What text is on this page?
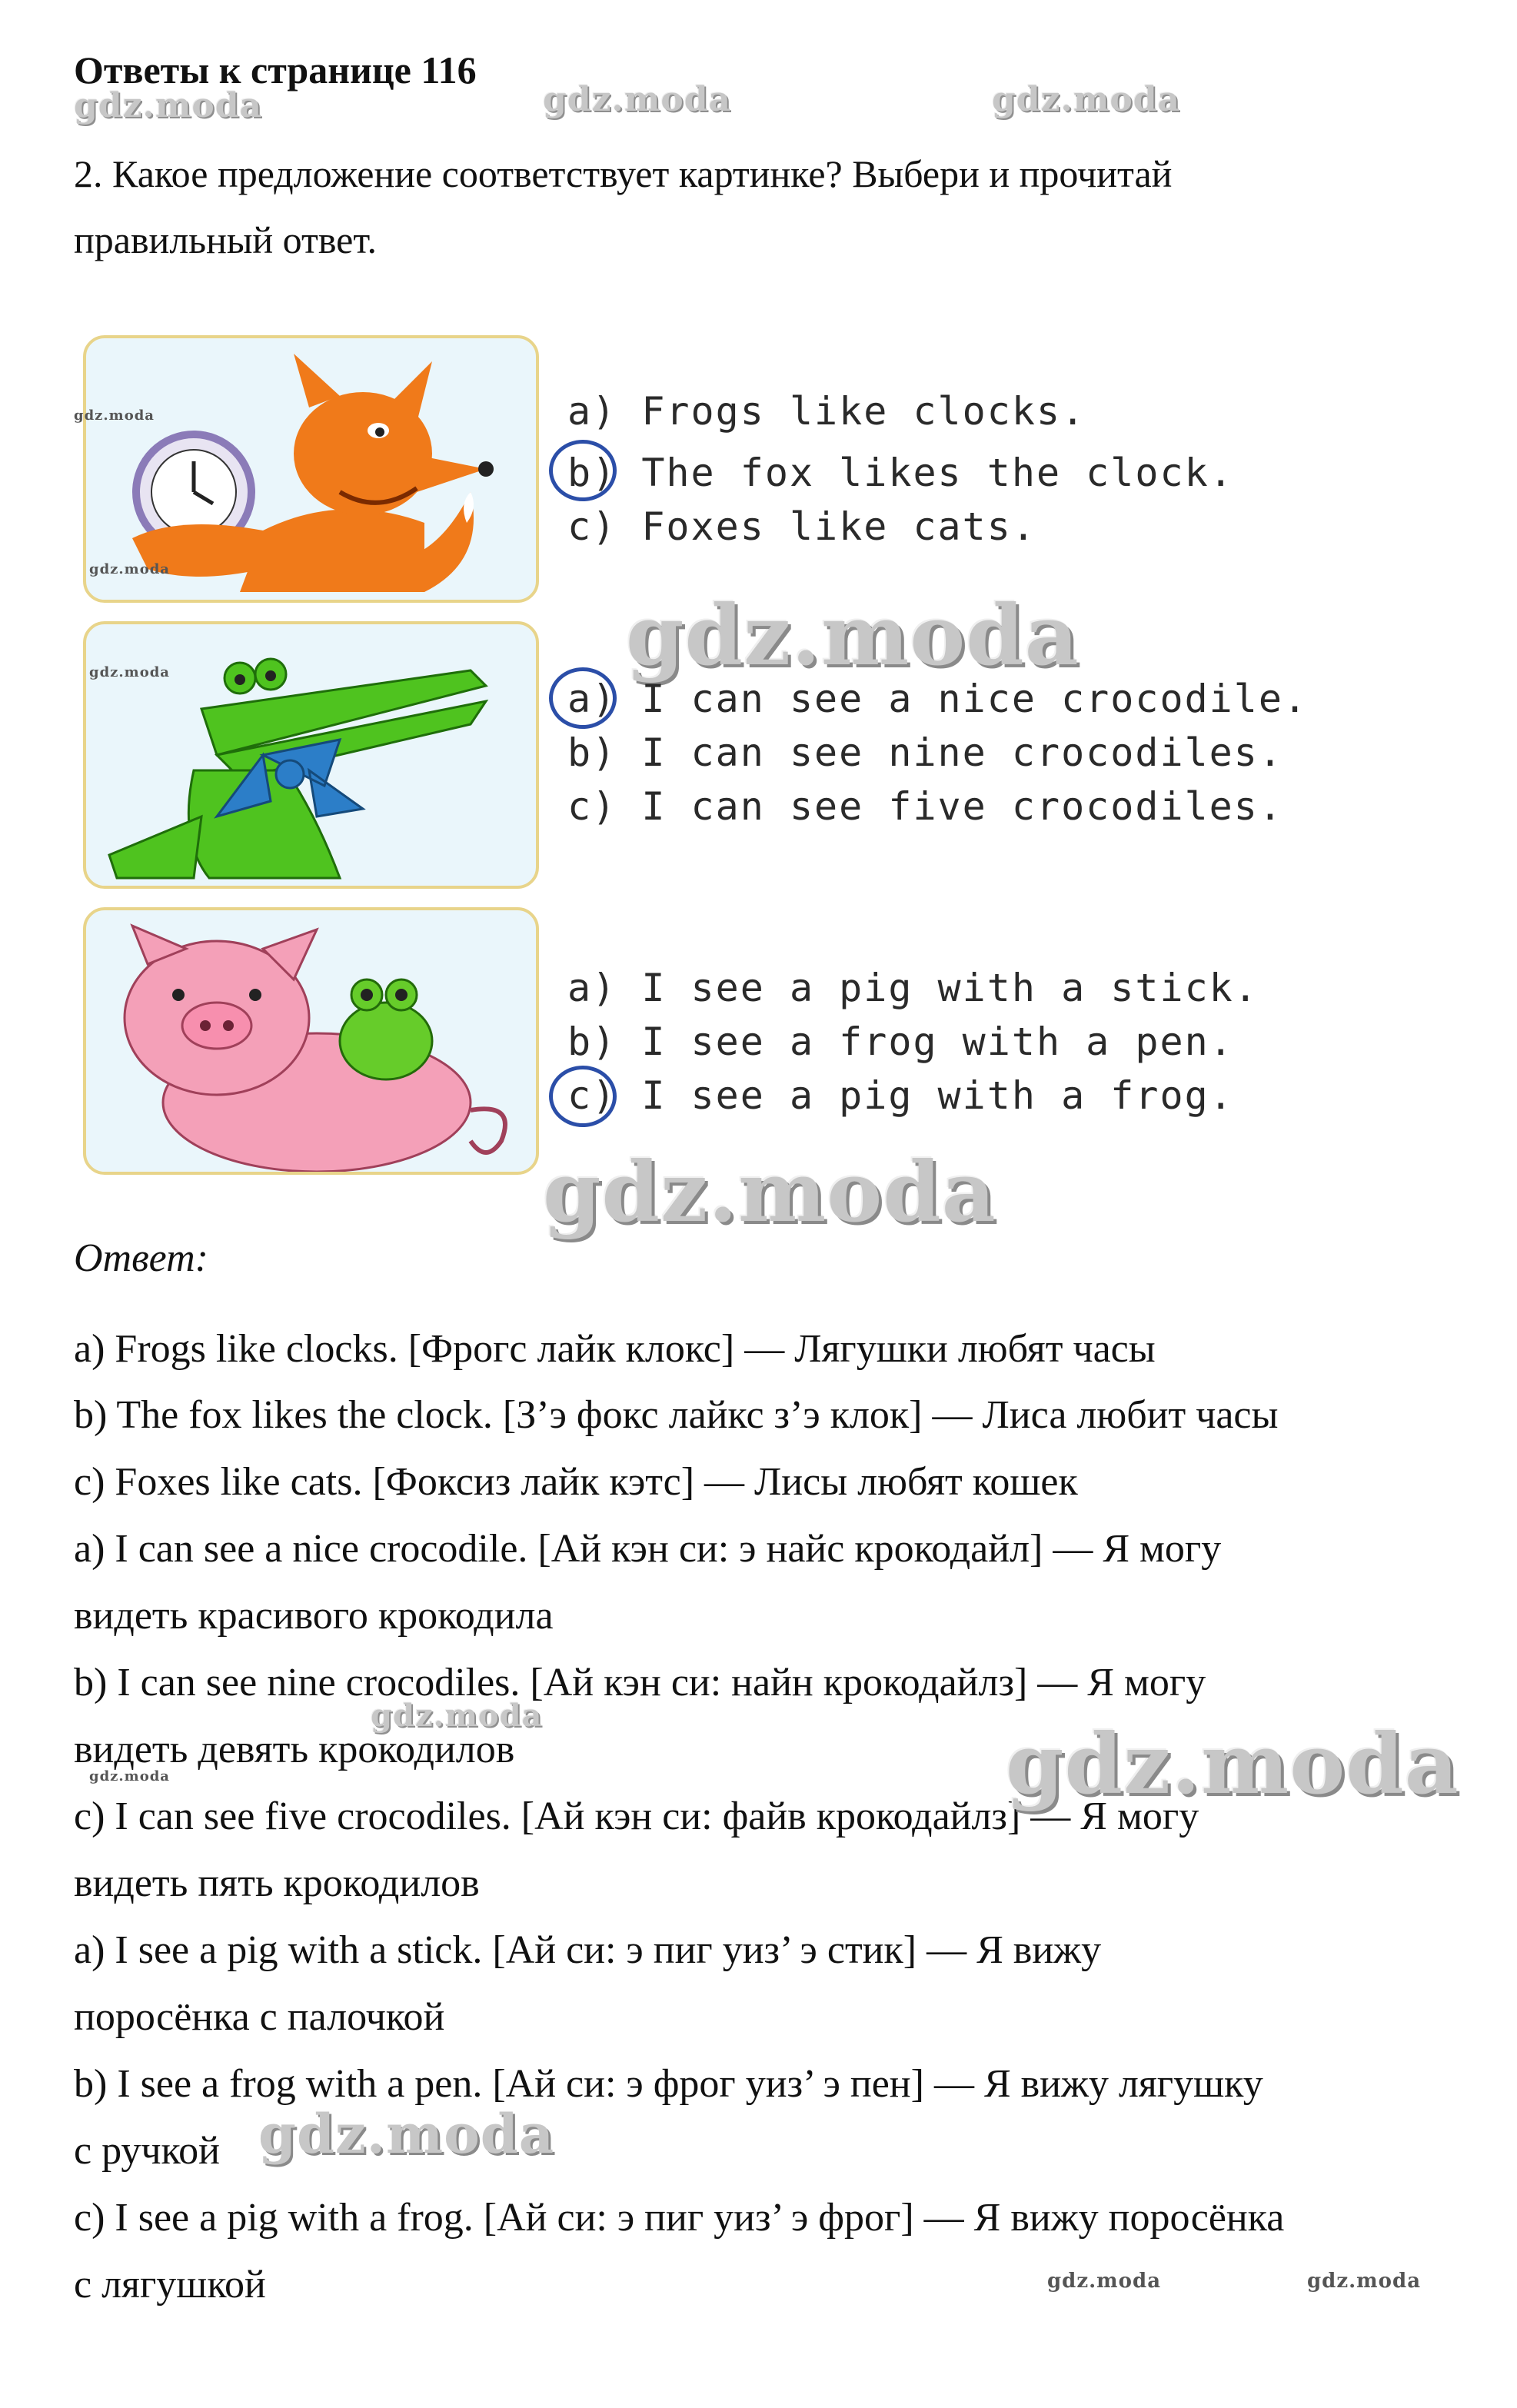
Ответы к странице 116
gdz.moda	gdz.moda	gdz.moda
2. Какое предложение соответствует картинке? Выбери и прочитай
правильный ответ.
gdz.moda
gdz.moda
a) Frogs like clocks.
b) The fox likes the clock.
c) Foxes like cats.
gdz.moda
gdz.moda
a) I can see a nice crocodile.
b) I can see nine crocodiles.
c) I can see five crocodiles.
a) I see a pig with a stick.
b) I see a frog with a pen.
c) I see a pig with a frog.
gdz.moda
Ответ:
a) Frogs like clocks. [Фрогс лайк клокс] — Лягушки любят часы
b) The fox likes the clock. [З’э фокс лайкс з’э клок] — Лиса любит часы
c) Foxes like cats. [Фоксиз лайк кэтс] — Лисы любят кошек
a) I can see a nice crocodile. [Ай кэн си: э найс крокодайл] — Я могу
видеть красивого крокодила
b) I can see nine crocodiles. [Ай кэн си: найн крокодайлз] — Я могу
видеть девять крокодилов
c) I can see five crocodiles. [Ай кэн си: файв крокодайлз] — Я могу
видеть пять крокодилов
a) I see a pig with a stick. [Ай си: э пиг уиз’ э стик] — Я вижу
поросёнка с палочкой
b) I see a frog with a pen. [Ай си: э фрог уиз’ э пен] — Я вижу лягушку
с ручкой
c) I see a pig with a frog. [Ай си: э пиг уиз’ э фрог] — Я вижу поросёнка
с лягушкой
gdz.moda
gdz.moda	gdz.moda
gdz.moda
gdz.moda	gdz.moda
